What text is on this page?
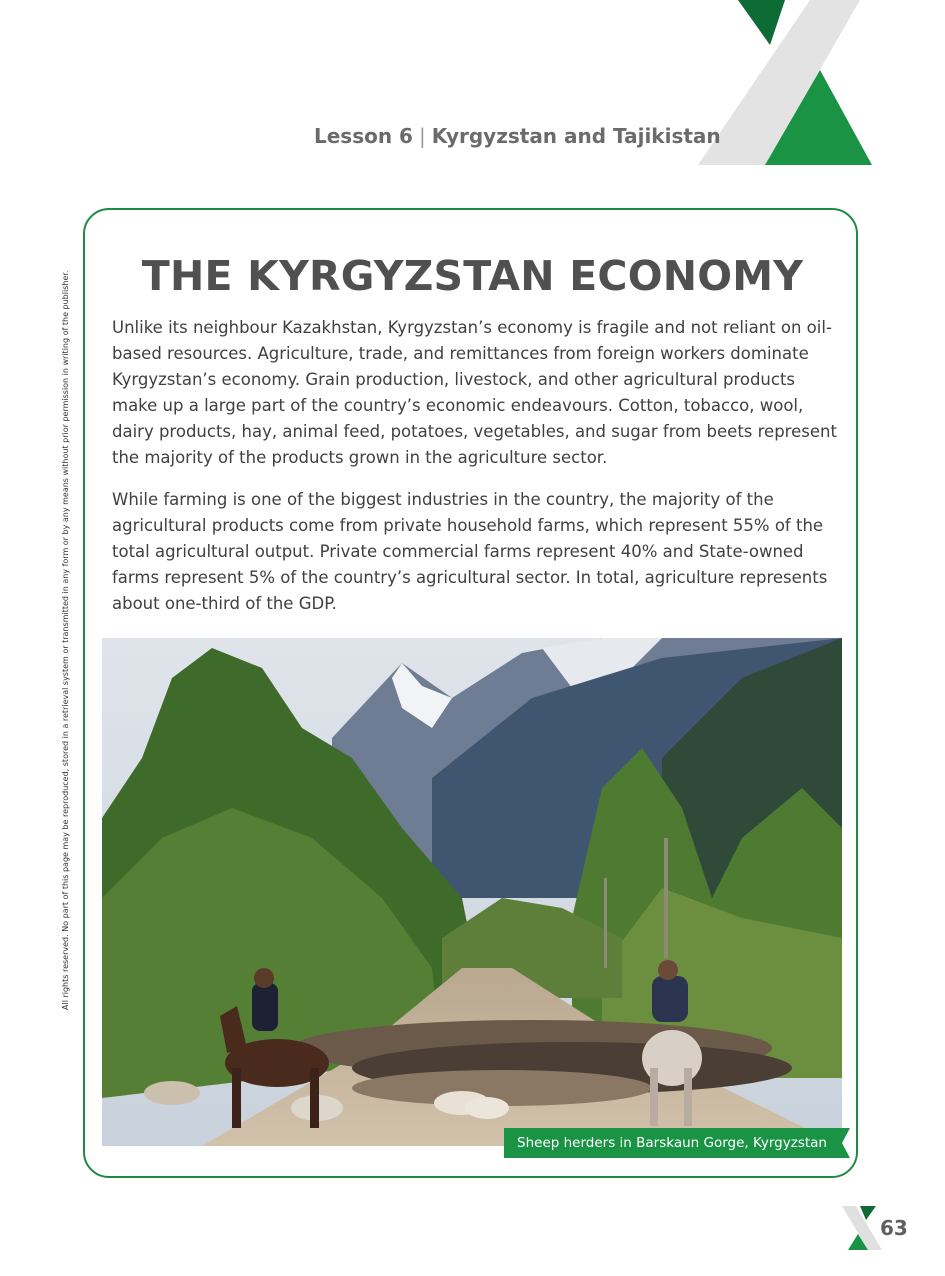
Lesson 6 | Kyrgyzstan and Tajikistan
All rights reserved. No part of this page may be reproduced, stored in a retrieval system or transmitted in any form or by any means without prior permission in writing of the publisher.	THE KYRGYZSTAN ECONOMY

Unlike its neighbour Kazakhstan, Kyrgyzstan’s economy is fragile and not reliant on oil-based resources. Agriculture, trade, and remittances from foreign workers dominate Kyrgyzstan’s economy. Grain production, livestock, and other agricultural products make up a large part of the country’s economic endeavours. Cotton, tobacco, wool, dairy products, hay, animal feed, potatoes, vegetables, and sugar from beets represent the majority of the products grown in the agriculture sector.

While farming is one of the biggest industries in the country, the majority of the agricultural products come from private household farms, which represent 55% of the total agricultural output. Private commercial farms represent 40% and State-owned farms represent 5% of the country’s agricultural sector. In total, agriculture represents about one-third of the GDP.

Sheep herders in Barskaun Gorge, Kyrgyzstan
63
